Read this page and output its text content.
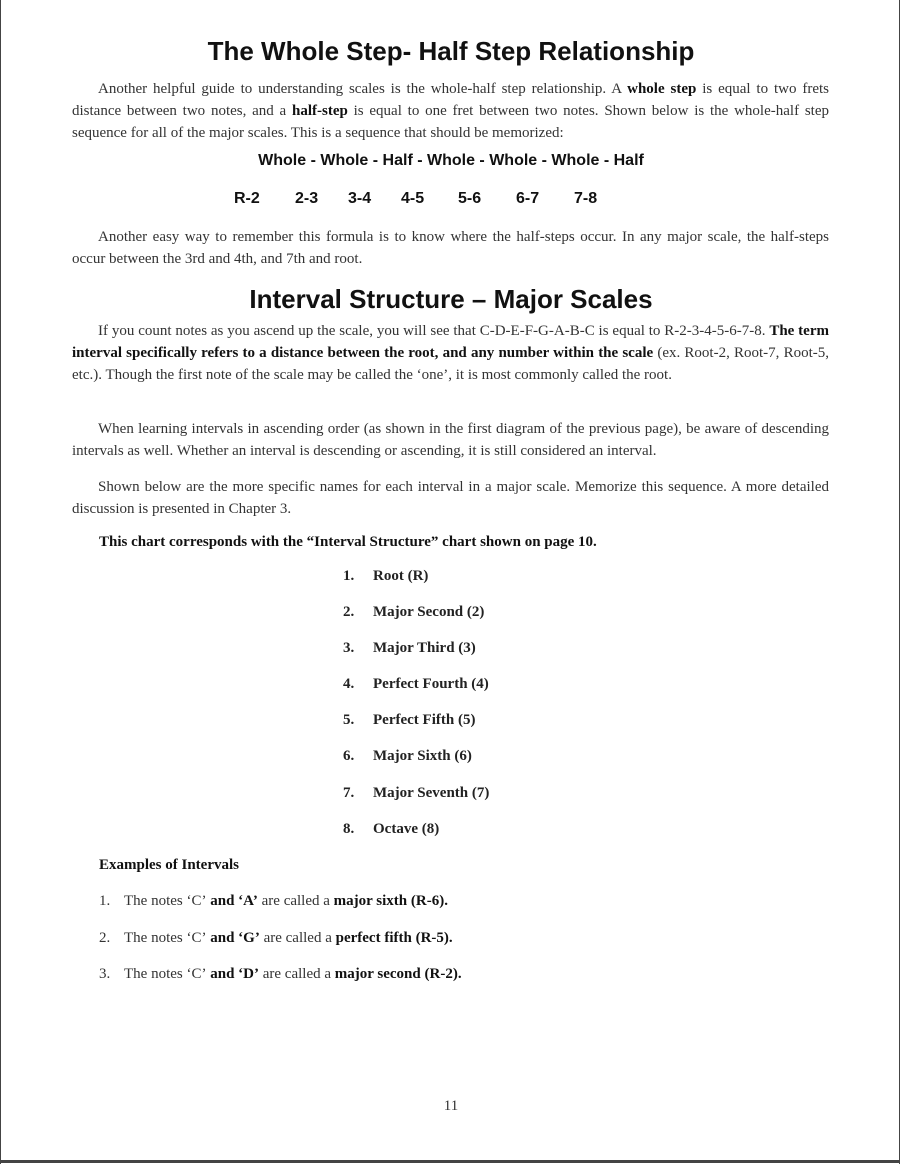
The Whole Step- Half Step Relationship

Another helpful guide to understanding scales is the whole-half step relationship. A whole step is equal to two frets distance between two notes, and a half-step is equal to one fret between two notes. Shown below is the whole-half step sequence for all of the major scales. This is a sequence that should be memorized:

Whole - Whole - Half - Whole - Whole - Whole - Half
R-2 2-3 3-4 4-5 5-6 6-7 7-8

Another easy way to remember this formula is to know where the half-steps occur. In any major scale, the half-steps occur between the 3rd and 4th, and 7th and root.

Interval Structure – Major Scales

If you count notes as you ascend up the scale, you will see that C-D-E-F-G-A-B-C is equal to R-2-3-4-5-6-7-8. The term interval specifically refers to a distance between the root, and any number within the scale (ex. Root-2, Root-7, Root-5, etc.). Though the first note of the scale may be called the ‘one’, it is most commonly called the root.

When learning intervals in ascending order (as shown in the first diagram of the previous page), be aware of descending intervals as well. Whether an interval is descending or ascending, it is still considered an interval.

Shown below are the more specific names for each interval in a major scale. Memorize this sequence. A more detailed discussion is presented in Chapter 3.

This chart corresponds with the “Interval Structure” chart shown on page 10.

1. Root (R)
2. Major Second (2)
3. Major Third (3)
4. Perfect Fourth (4)
5. Perfect Fifth (5)
6. Major Sixth (6)
7. Major Seventh (7)
8. Octave (8)

Examples of Intervals

1. The notes ‘C’ and ‘A’ are called a major sixth (R-6).
2. The notes ‘C’ and ‘G’ are called a perfect fifth (R-5).
3. The notes ‘C’ and ‘D’ are called a major second (R-2).
11
